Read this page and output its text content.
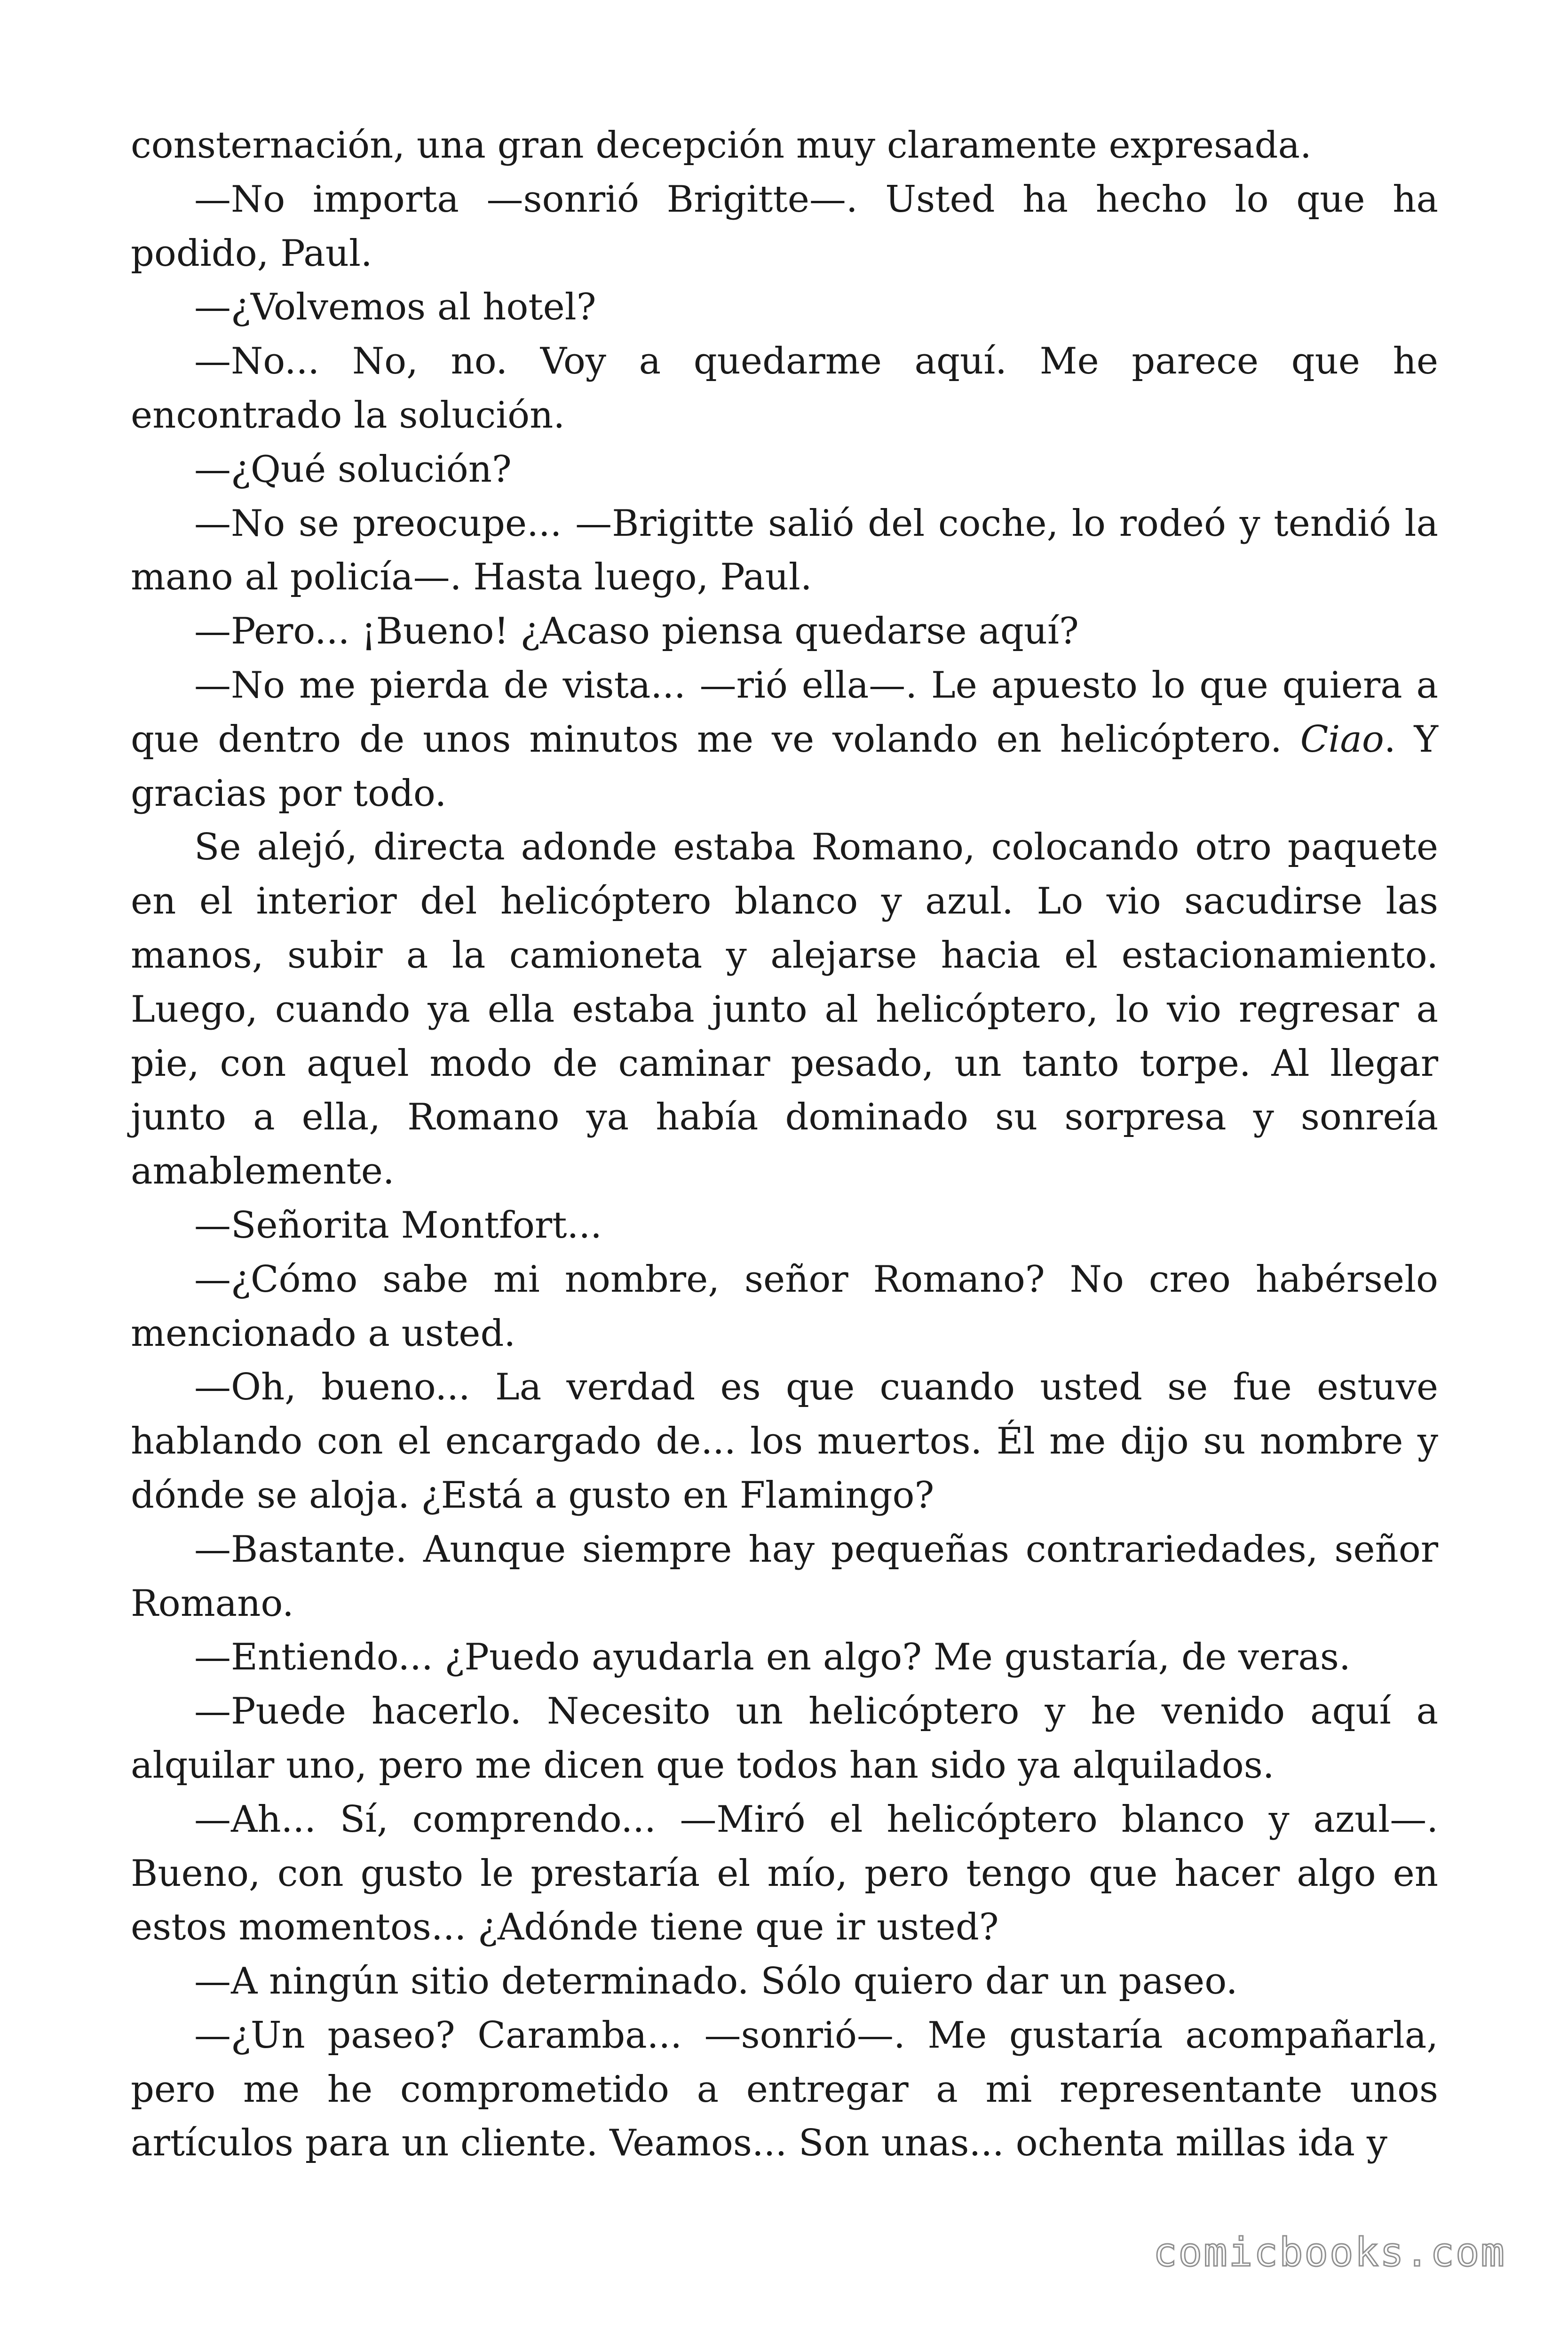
consternación, una gran decepción muy claramente expresada.

—No importa —sonrió Brigitte—. Usted ha hecho lo que ha podido, Paul.

—¿Volvemos al hotel?

—No... No, no. Voy a quedarme aquí. Me parece que he encontrado la solución.

—¿Qué solución?

—No se preocupe... —Brigitte salió del coche, lo rodeó y tendió la mano al policía—. Hasta luego, Paul.

—Pero... ¡Bueno! ¿Acaso piensa quedarse aquí?

—No me pierda de vista... —rió ella—. Le apuesto lo que quiera a que dentro de unos minutos me ve volando en helicóptero. Ciao. Y gracias por todo.

Se alejó, directa adonde estaba Romano, colocando otro paquete en el interior del helicóptero blanco y azul. Lo vio sacudirse las manos, subir a la camioneta y alejarse hacia el estacionamiento. Luego, cuando ya ella estaba junto al helicóptero, lo vio regresar a pie, con aquel modo de caminar pesado, un tanto torpe. Al llegar junto a ella, Romano ya había dominado su sorpresa y sonreía amablemente.

—Señorita Montfort...

—¿Cómo sabe mi nombre, señor Romano? No creo habérselo mencionado a usted.

—Oh, bueno... La verdad es que cuando usted se fue estuve hablando con el encargado de... los muertos. Él me dijo su nombre y dónde se aloja. ¿Está a gusto en Flamingo?

—Bastante. Aunque siempre hay pequeñas contrariedades, señor Romano.

—Entiendo... ¿Puedo ayudarla en algo? Me gustaría, de veras.

—Puede hacerlo. Necesito un helicóptero y he venido aquí a alquilar uno, pero me dicen que todos han sido ya alquilados.

—Ah... Sí, comprendo... —Miró el helicóptero blanco y azul—. Bueno, con gusto le prestaría el mío, pero tengo que hacer algo en estos momentos... ¿Adónde tiene que ir usted?

—A ningún sitio determinado. Sólo quiero dar un paseo.

—¿Un paseo? Caramba... —sonrió—. Me gustaría acompañarla, pero me he comprometido a entregar a mi representante unos artículos para un cliente. Veamos... Son unas... ochenta millas ida y

comicbooks.com
